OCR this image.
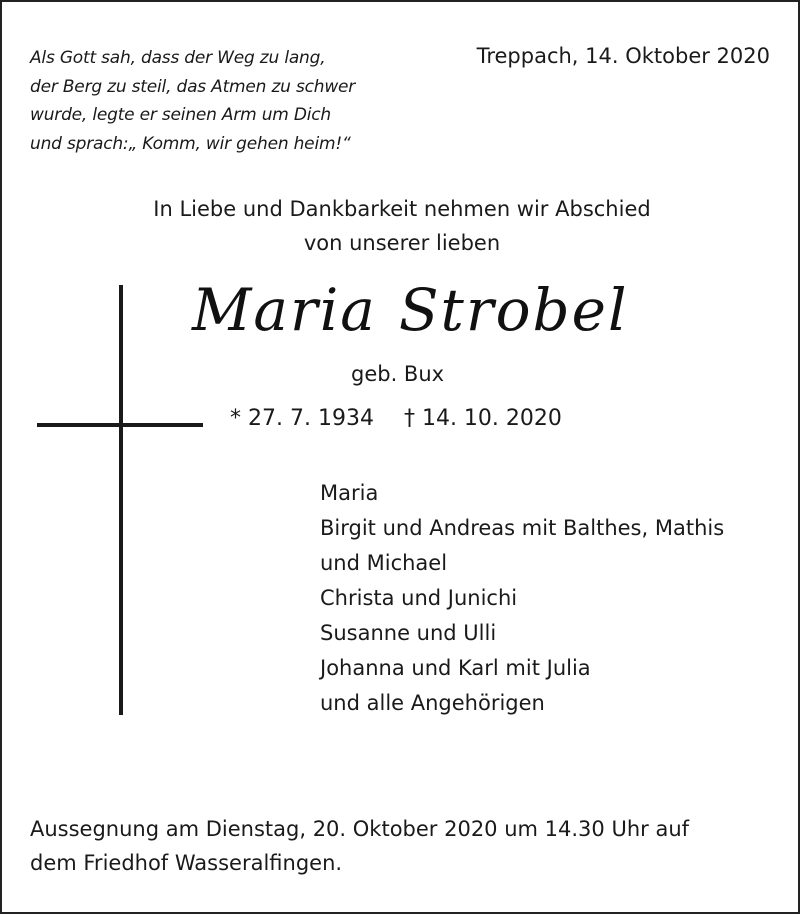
Als Gott sah, dass der Weg zu lang,
der Berg zu steil, das Atmen zu schwer
wurde, legte er seinen Arm um Dich
und sprach:„ Komm, wir gehen heim!“
Treppach, 14. Oktober 2020
In Liebe und Dankbarkeit nehmen wir Abschied
von unserer lieben
Maria Strobel
geb. Bux
* 27. 7. 1934 † 14. 10. 2020
Maria
Birgit und Andreas mit Balthes, Mathis
und Michael
Christa und Junichi
Susanne und Ulli
Johanna und Karl mit Julia
und alle Angehörigen
Aussegnung am Dienstag, 20. Oktober 2020 um 14.30 Uhr auf
dem Friedhof Wasseralfingen.
